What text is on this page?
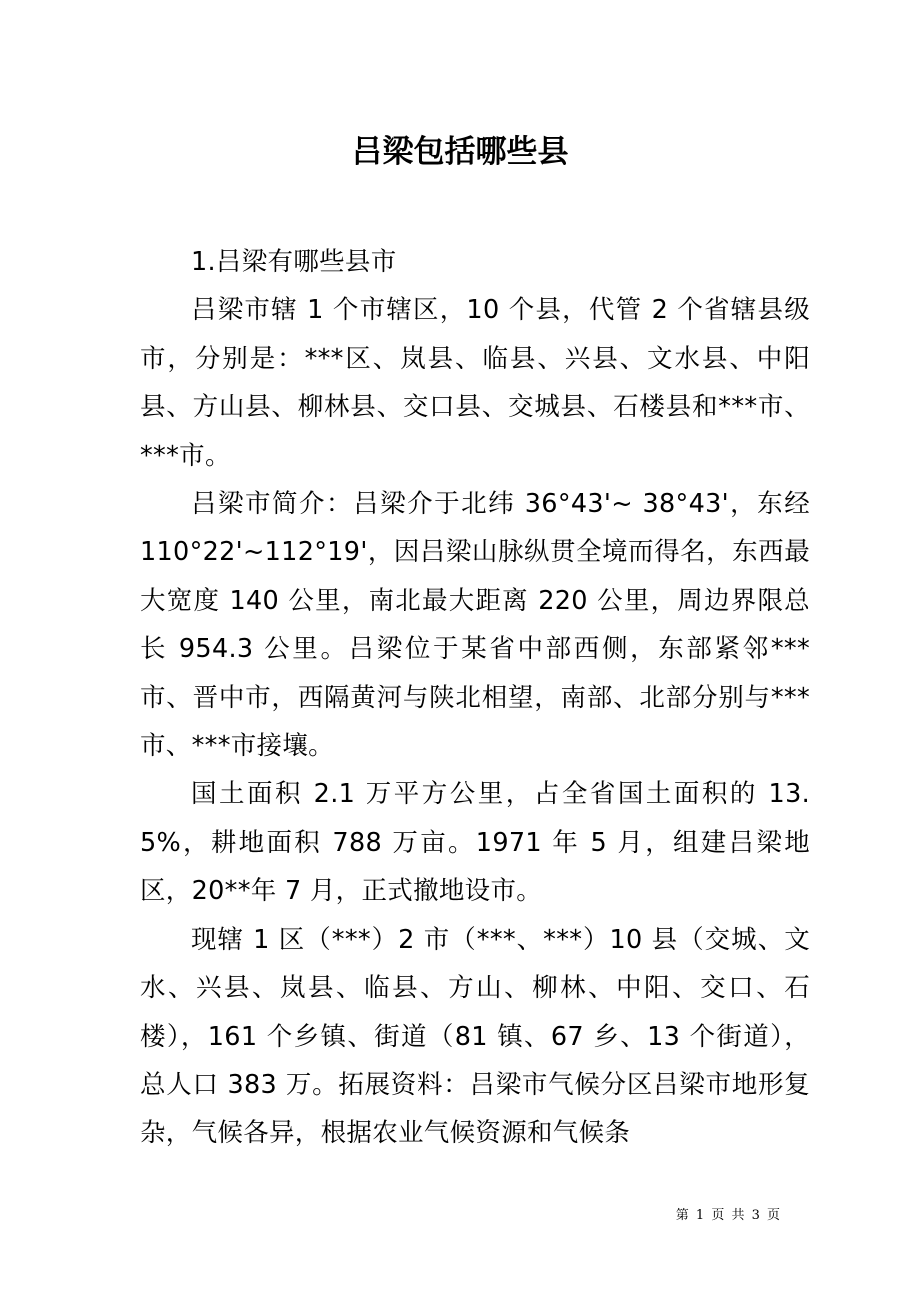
吕梁包括哪些县

1.吕梁有哪些县市

吕梁市辖 1 个市辖区，10 个县，代管 2 个省辖县级市，分别是：***区、岚县、临县、兴县、文水县、中阳县、方山县、柳林县、交口县、交城县、石楼县和***市、***市。

吕梁市简介：吕梁介于北纬 36°43'~ 38°43'，东经 110°22'~112°19'，因吕梁山脉纵贯全境而得名，东西最大宽度 140 公里，南北最大距离 220 公里，周边界限总长 954.3 公里。吕梁位于某省中部西侧，东部紧邻***市、晋中市，西隔黄河与陕北相望，南部、北部分别与***市、***市接壤。

国土面积 2.1 万平方公里，占全省国土面积的 13.5%，耕地面积 788 万亩。1971 年 5 月，组建吕梁地区，20**年 7 月，正式撤地设市。

现辖 1 区（***）2 市（***、***）10 县（交城、文水、兴县、岚县、临县、方山、柳林、中阳、交口、石楼），161 个乡镇、街道（81 镇、67 乡、13 个街道），总人口 383 万。拓展资料：吕梁市气候分区吕梁市地形复杂，气候各异，根据农业气候资源和气候条

第 1 页 共 3 页
